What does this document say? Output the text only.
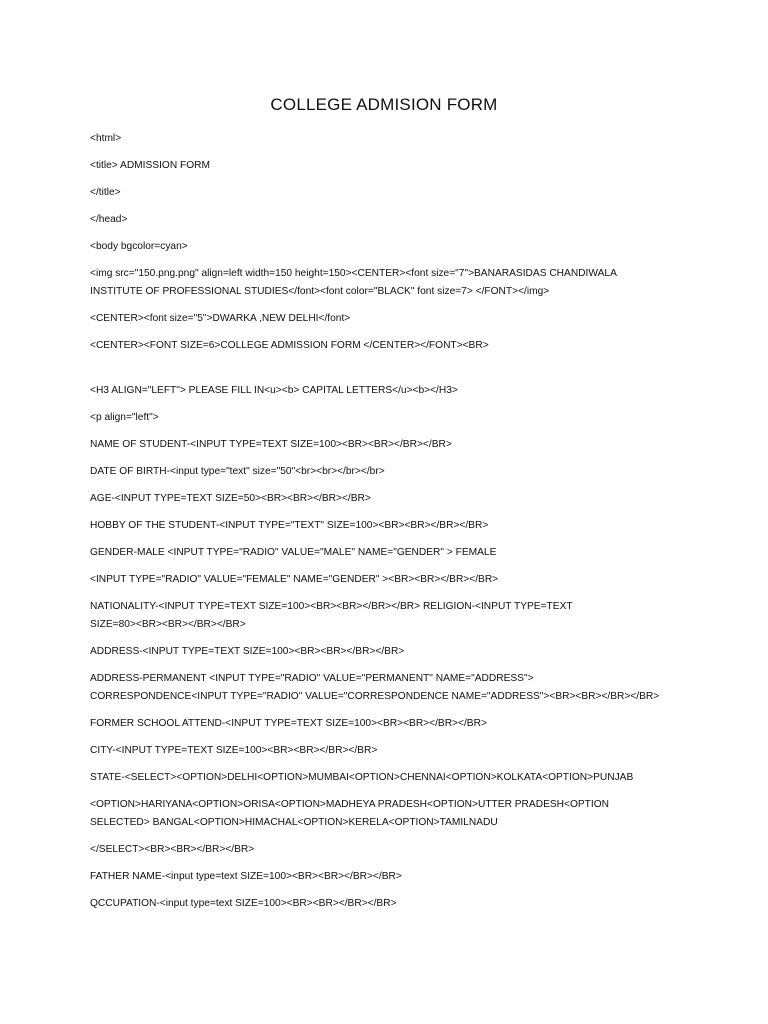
COLLEGE ADMISION FORM
<html>
<title> ADMISSION FORM
</title>
</head>
<body bgcolor=cyan>
<img src="150.png.png" align=left width=150 height=150><CENTER><font size="7">BANARASIDAS CHANDIWALA
INSTITUTE OF PROFESSIONAL STUDIES</font><font color="BLACK" font size=7> </FONT></img>
<CENTER><font size="5">DWARKA ,NEW DELHI</font>
<CENTER><FONT SIZE=6>COLLEGE ADMISSION FORM </CENTER></FONT><BR>
<H3 ALIGN="LEFT"> PLEASE FILL IN<u><b> CAPITAL LETTERS</u><b></H3>
<p align="left">
NAME OF STUDENT-<INPUT TYPE=TEXT SIZE=100><BR><BR></BR></BR>
DATE OF BIRTH-<input type="text" size="50"<br><br></br></br>
AGE-<INPUT TYPE=TEXT SIZE=50><BR><BR></BR></BR>
HOBBY OF THE STUDENT-<INPUT TYPE="TEXT" SIZE=100><BR><BR></BR></BR>
GENDER-MALE <INPUT TYPE="RADIO" VALUE="MALE" NAME="GENDER" > FEMALE
<INPUT TYPE="RADIO" VALUE="FEMALE" NAME="GENDER" ><BR><BR></BR></BR>
NATIONALITY-<INPUT TYPE=TEXT SIZE=100><BR><BR></BR></BR> RELIGION-<INPUT TYPE=TEXT
SIZE=80><BR><BR></BR></BR>
ADDRESS-<INPUT TYPE=TEXT SIZE=100><BR><BR></BR></BR>
ADDRESS-PERMANENT <INPUT TYPE="RADIO" VALUE="PERMANENT" NAME="ADDRESS">
CORRESPONDENCE<INPUT TYPE="RADIO" VALUE="CORRESPONDENCE NAME="ADDRESS"><BR><BR></BR></BR>
FORMER SCHOOL ATTEND-<INPUT TYPE=TEXT SIZE=100><BR><BR></BR></BR>
CITY-<INPUT TYPE=TEXT SIZE=100><BR><BR></BR></BR>
STATE-<SELECT><OPTION>DELHI<OPTION>MUMBAI<OPTION>CHENNAI<OPTION>KOLKATA<OPTION>PUNJAB
<OPTION>HARIYANA<OPTION>ORISA<OPTION>MADHEYA PRADESH<OPTION>UTTER PRADESH<OPTION
SELECTED> BANGAL<OPTION>HIMACHAL<OPTION>KERELA<OPTION>TAMILNADU
</SELECT><BR><BR></BR></BR>
FATHER NAME-<input type=text SIZE=100><BR><BR></BR></BR>
QCCUPATION-<input type=text SIZE=100><BR><BR></BR></BR>
